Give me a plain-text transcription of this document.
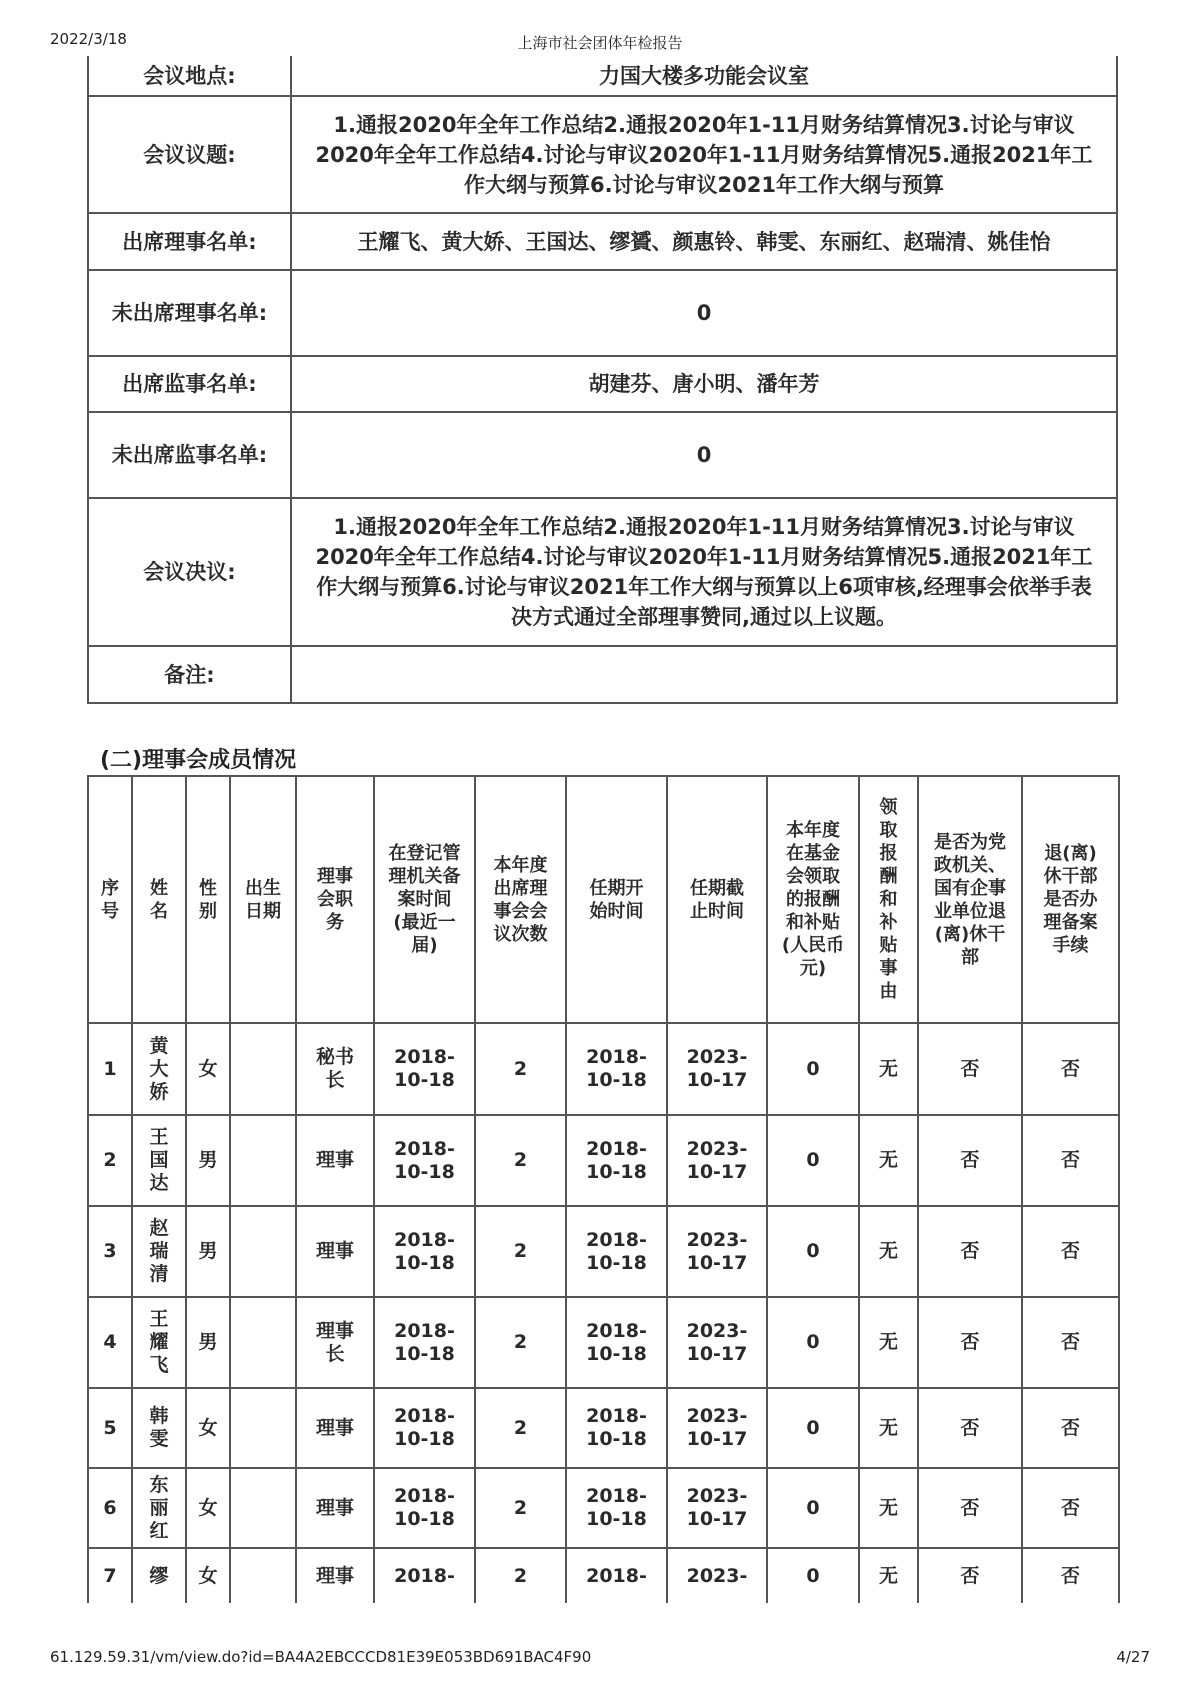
2022/3/18	上海市社会团体年检报告
会议地点:	力国大楼多功能会议室
会议议题:	1.通报2020年全年工作总结2.通报2020年1-11月财务结算情况3.讨论与审议2020年全年工作总结4.讨论与审议2020年1-11月财务结算情况5.通报2021年工作大纲与预算6.讨论与审议2021年工作大纲与预算
出席理事名单:	王耀飞、黄大娇、王国达、缪贇、颜惠铃、韩雯、东丽红、赵瑞清、姚佳怡
未出席理事名单:	0
出席监事名单:	胡建芬、唐小明、潘年芳
未出席监事名单:	0
会议决议:	1.通报2020年全年工作总结2.通报2020年1-11月财务结算情况3.讨论与审议2020年全年工作总结4.讨论与审议2020年1-11月财务结算情况5.通报2021年工作大纲与预算6.讨论与审议2021年工作大纲与预算以上6项审核,经理事会依举手表决方式通过全部理事赞同,通过以上议题。
备注:	
(二)理事会成员情况
序号	姓名	性别	出生日期	理事会职务	在登记管理机关备案时间(最近一届)	本年度出席理事会会议次数	任期开始时间	任期截止时间	本年度在基金会领取的报酬和补贴(人民币元)	领取报酬和补贴事由	是否为党政机关、国有企事业单位退(离)休干部	退(离)休干部是否办理备案手续
1	黄大娇	女		秘书长	2018-10-18	2	2018-10-18	2023-10-17	0	无	否	否
2	王国达	男		理事	2018-10-18	2	2018-10-18	2023-10-17	0	无	否	否
3	赵瑞清	男		理事	2018-10-18	2	2018-10-18	2023-10-17	0	无	否	否
4	王耀飞	男		理事长	2018-10-18	2	2018-10-18	2023-10-17	0	无	否	否
5	韩雯	女		理事	2018-10-18	2	2018-10-18	2023-10-17	0	无	否	否
6	东丽红	女		理事	2018-10-18	2	2018-10-18	2023-10-17	0	无	否	否
7	缪	女		理事	2018-	2	2018-	2023-	0	无	否	否
61.129.59.31/vm/view.do?id=BA4A2EBCCCD81E39E053BD691BAC4F90	4/27
